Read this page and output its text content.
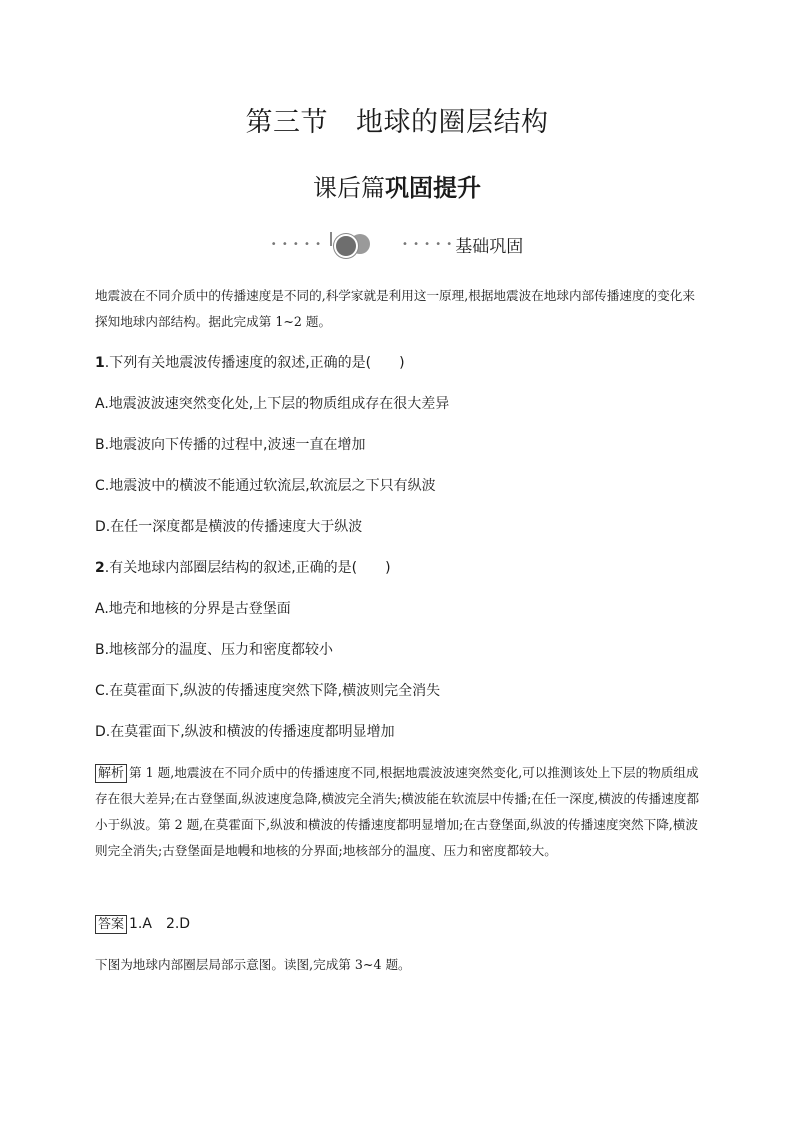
第三节 地球的圈层结构
课后篇巩固提升
• • • • •	• • • • • 基础巩固
地震波在不同介质中的传播速度是不同的,科学家就是利用这一原理,根据地震波在地球内部传播速度的变化来探知地球内部结构。据此完成第 1~2 题。
1.下列有关地震波传播速度的叙述,正确的是(　　)
A.地震波波速突然变化处,上下层的物质组成存在很大差异
B.地震波向下传播的过程中,波速一直在增加
C.地震波中的横波不能通过软流层,软流层之下只有纵波
D.在任一深度都是横波的传播速度大于纵波
2.有关地球内部圈层结构的叙述,正确的是(　　)
A.地壳和地核的分界是古登堡面
B.地核部分的温度、压力和密度都较小
C.在莫霍面下,纵波的传播速度突然下降,横波则完全消失
D.在莫霍面下,纵波和横波的传播速度都明显增加
解析 第 1 题,地震波在不同介质中的传播速度不同,根据地震波波速突然变化,可以推测该处上下层的物质组成存在很大差异;在古登堡面,纵波速度急降,横波完全消失;横波能在软流层中传播;在任一深度,横波的传播速度都小于纵波。第 2 题,在莫霍面下,纵波和横波的传播速度都明显增加;在古登堡面,纵波的传播速度突然下降,横波则完全消失;古登堡面是地幔和地核的分界面;地核部分的温度、压力和密度都较大。
答案 1.A　2.D
下图为地球内部圈层局部示意图。读图,完成第 3~4 题。
